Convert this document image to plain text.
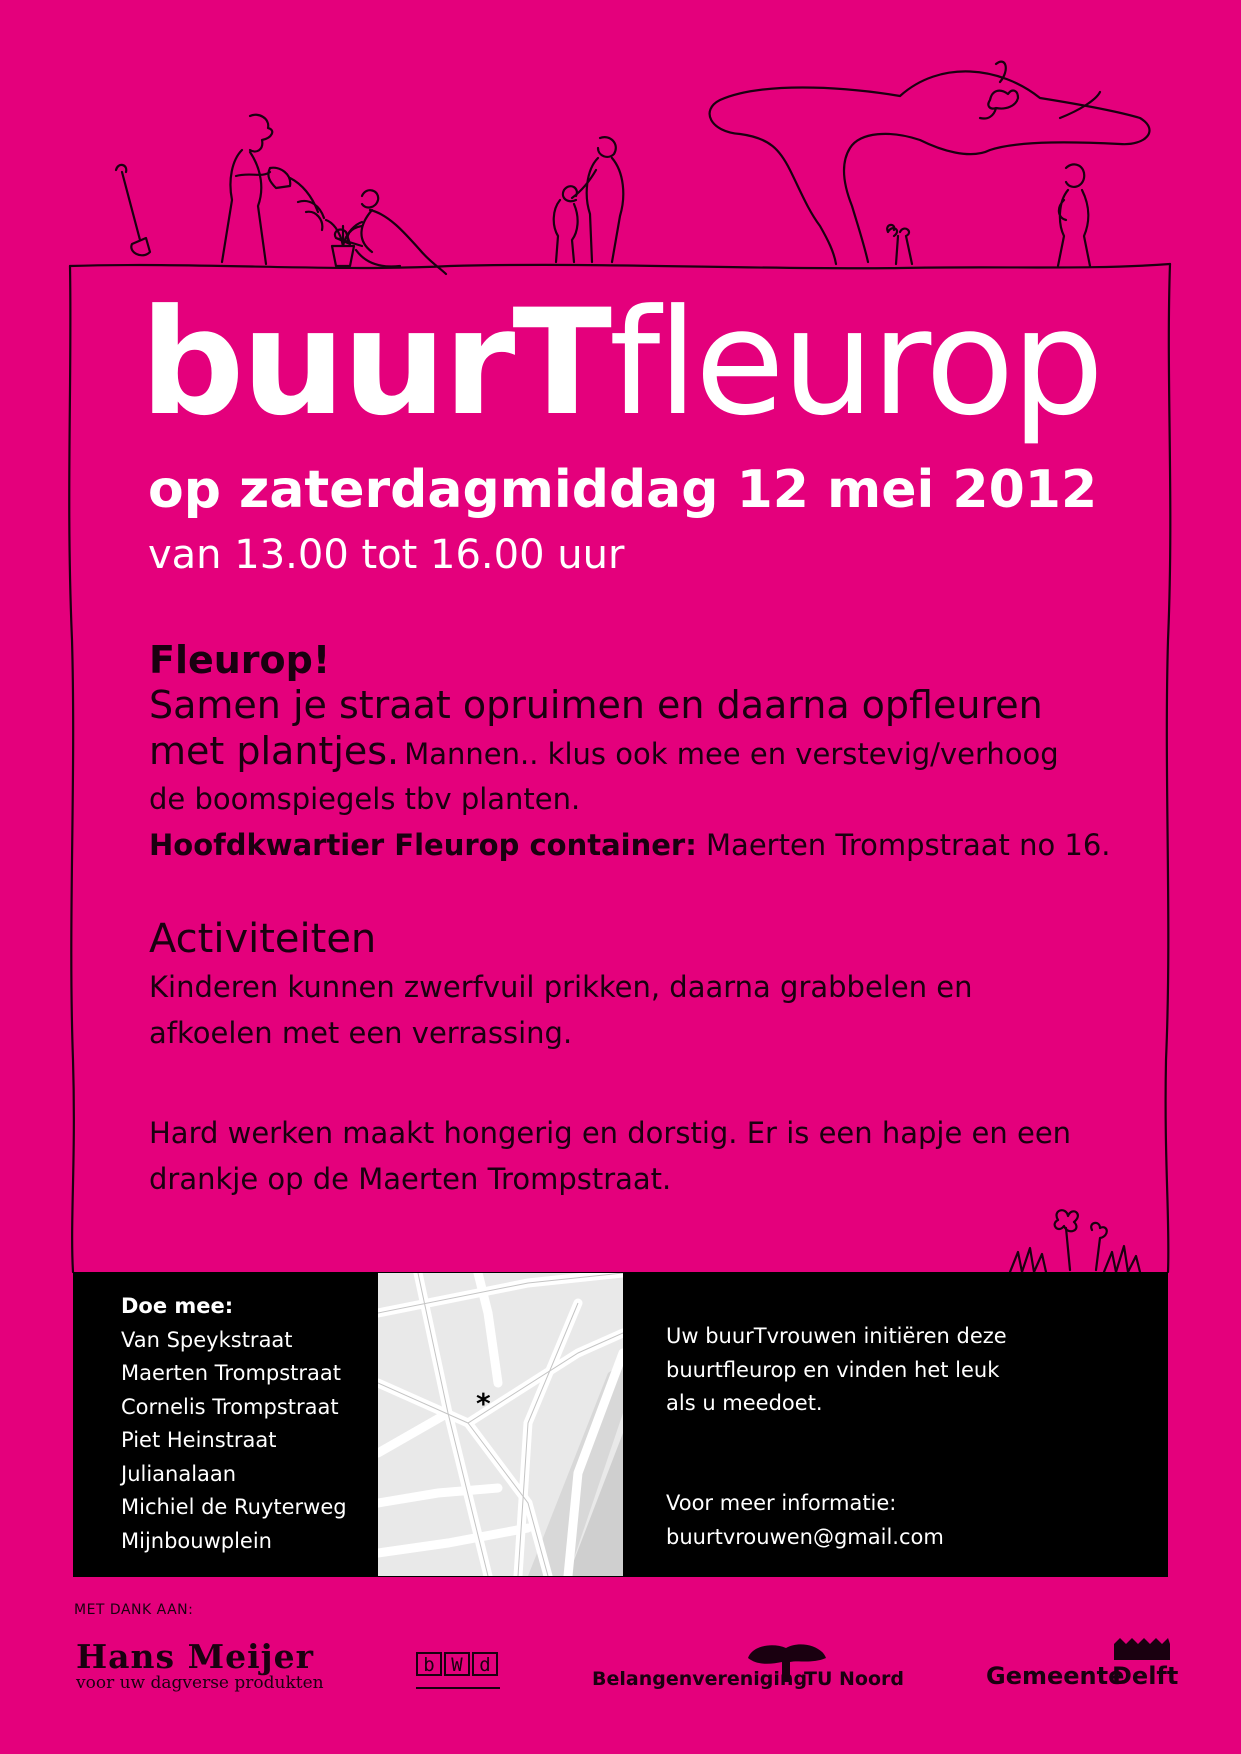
buurTfleurop
op zaterdagmiddag 12 mei 2012
van 13.00 tot 16.00 uur
Fleurop!
Samen je straat opruimen en daarna opfleuren
met plantjes. Mannen.. klus ook mee en verstevig/verhoog
de boomspiegels tbv planten.
Hoofdkwartier Fleurop container: Maerten Trompstraat no 16.
Activiteiten
Kinderen kunnen zwerfvuil prikken, daarna grabbelen en
afkoelen met een verrassing.
Hard werken maakt hongerig en dorstig. Er is een hapje en een
drankje op de Maerten Trompstraat.
Doe mee:
Van Speykstraat
Maerten Trompstraat
Cornelis Trompstraat
Piet Heinstraat
Julianalaan
Michiel de Ruyterweg
Mijnbouwplein
*
Uw buurTvrouwen initiëren deze
buurtfleurop en vinden het leuk
als u meedoet.
Voor meer informatie:
buurtvrouwen@gmail.com
MET DANK AAN:
Hans Meijer
voor uw dagverse produkten
b W d
Belangenvereniging
TU Noord	Gemeente
Delft
